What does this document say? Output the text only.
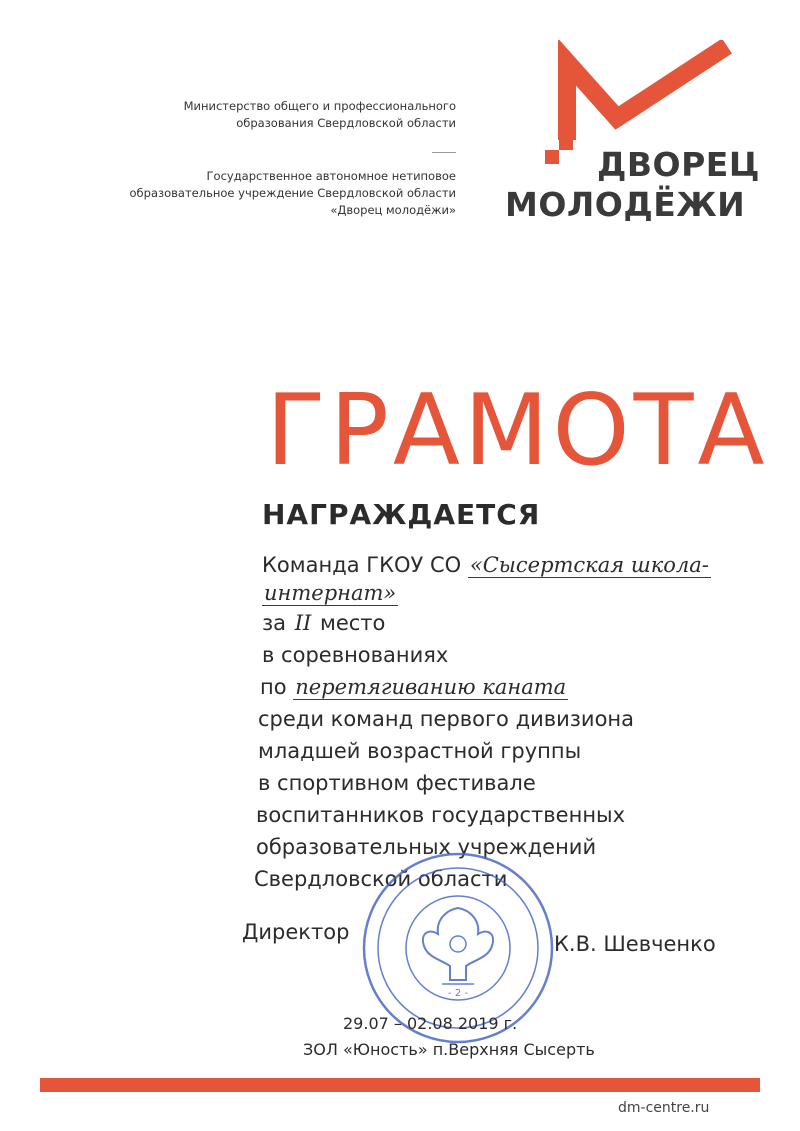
Министерство общего и профессионального
образования Свердловской области
Государственное автономное нетиповое
образовательное учреждение Свердловской области
«Дворец молодёжи»
ДВОРЕЦ
МОЛОДЁЖИ
ГРАМОТА
НАГРАЖДАЕТСЯ
Команда ГКОУ СО «Сысертская школа-
интернат»
за II место
в соревнованиях
по перетягиванию каната
среди команд первого дивизиона
младшей возрастной группы
в спортивном фестивале
воспитанников государственных
образовательных учреждений
Свердловской области
- 2 -
Директор	К.В. Шевченко
29.07 – 02.08 2019 г.
ЗОЛ «Юность» п.Верхняя Сысерть
dm-centre.ru
